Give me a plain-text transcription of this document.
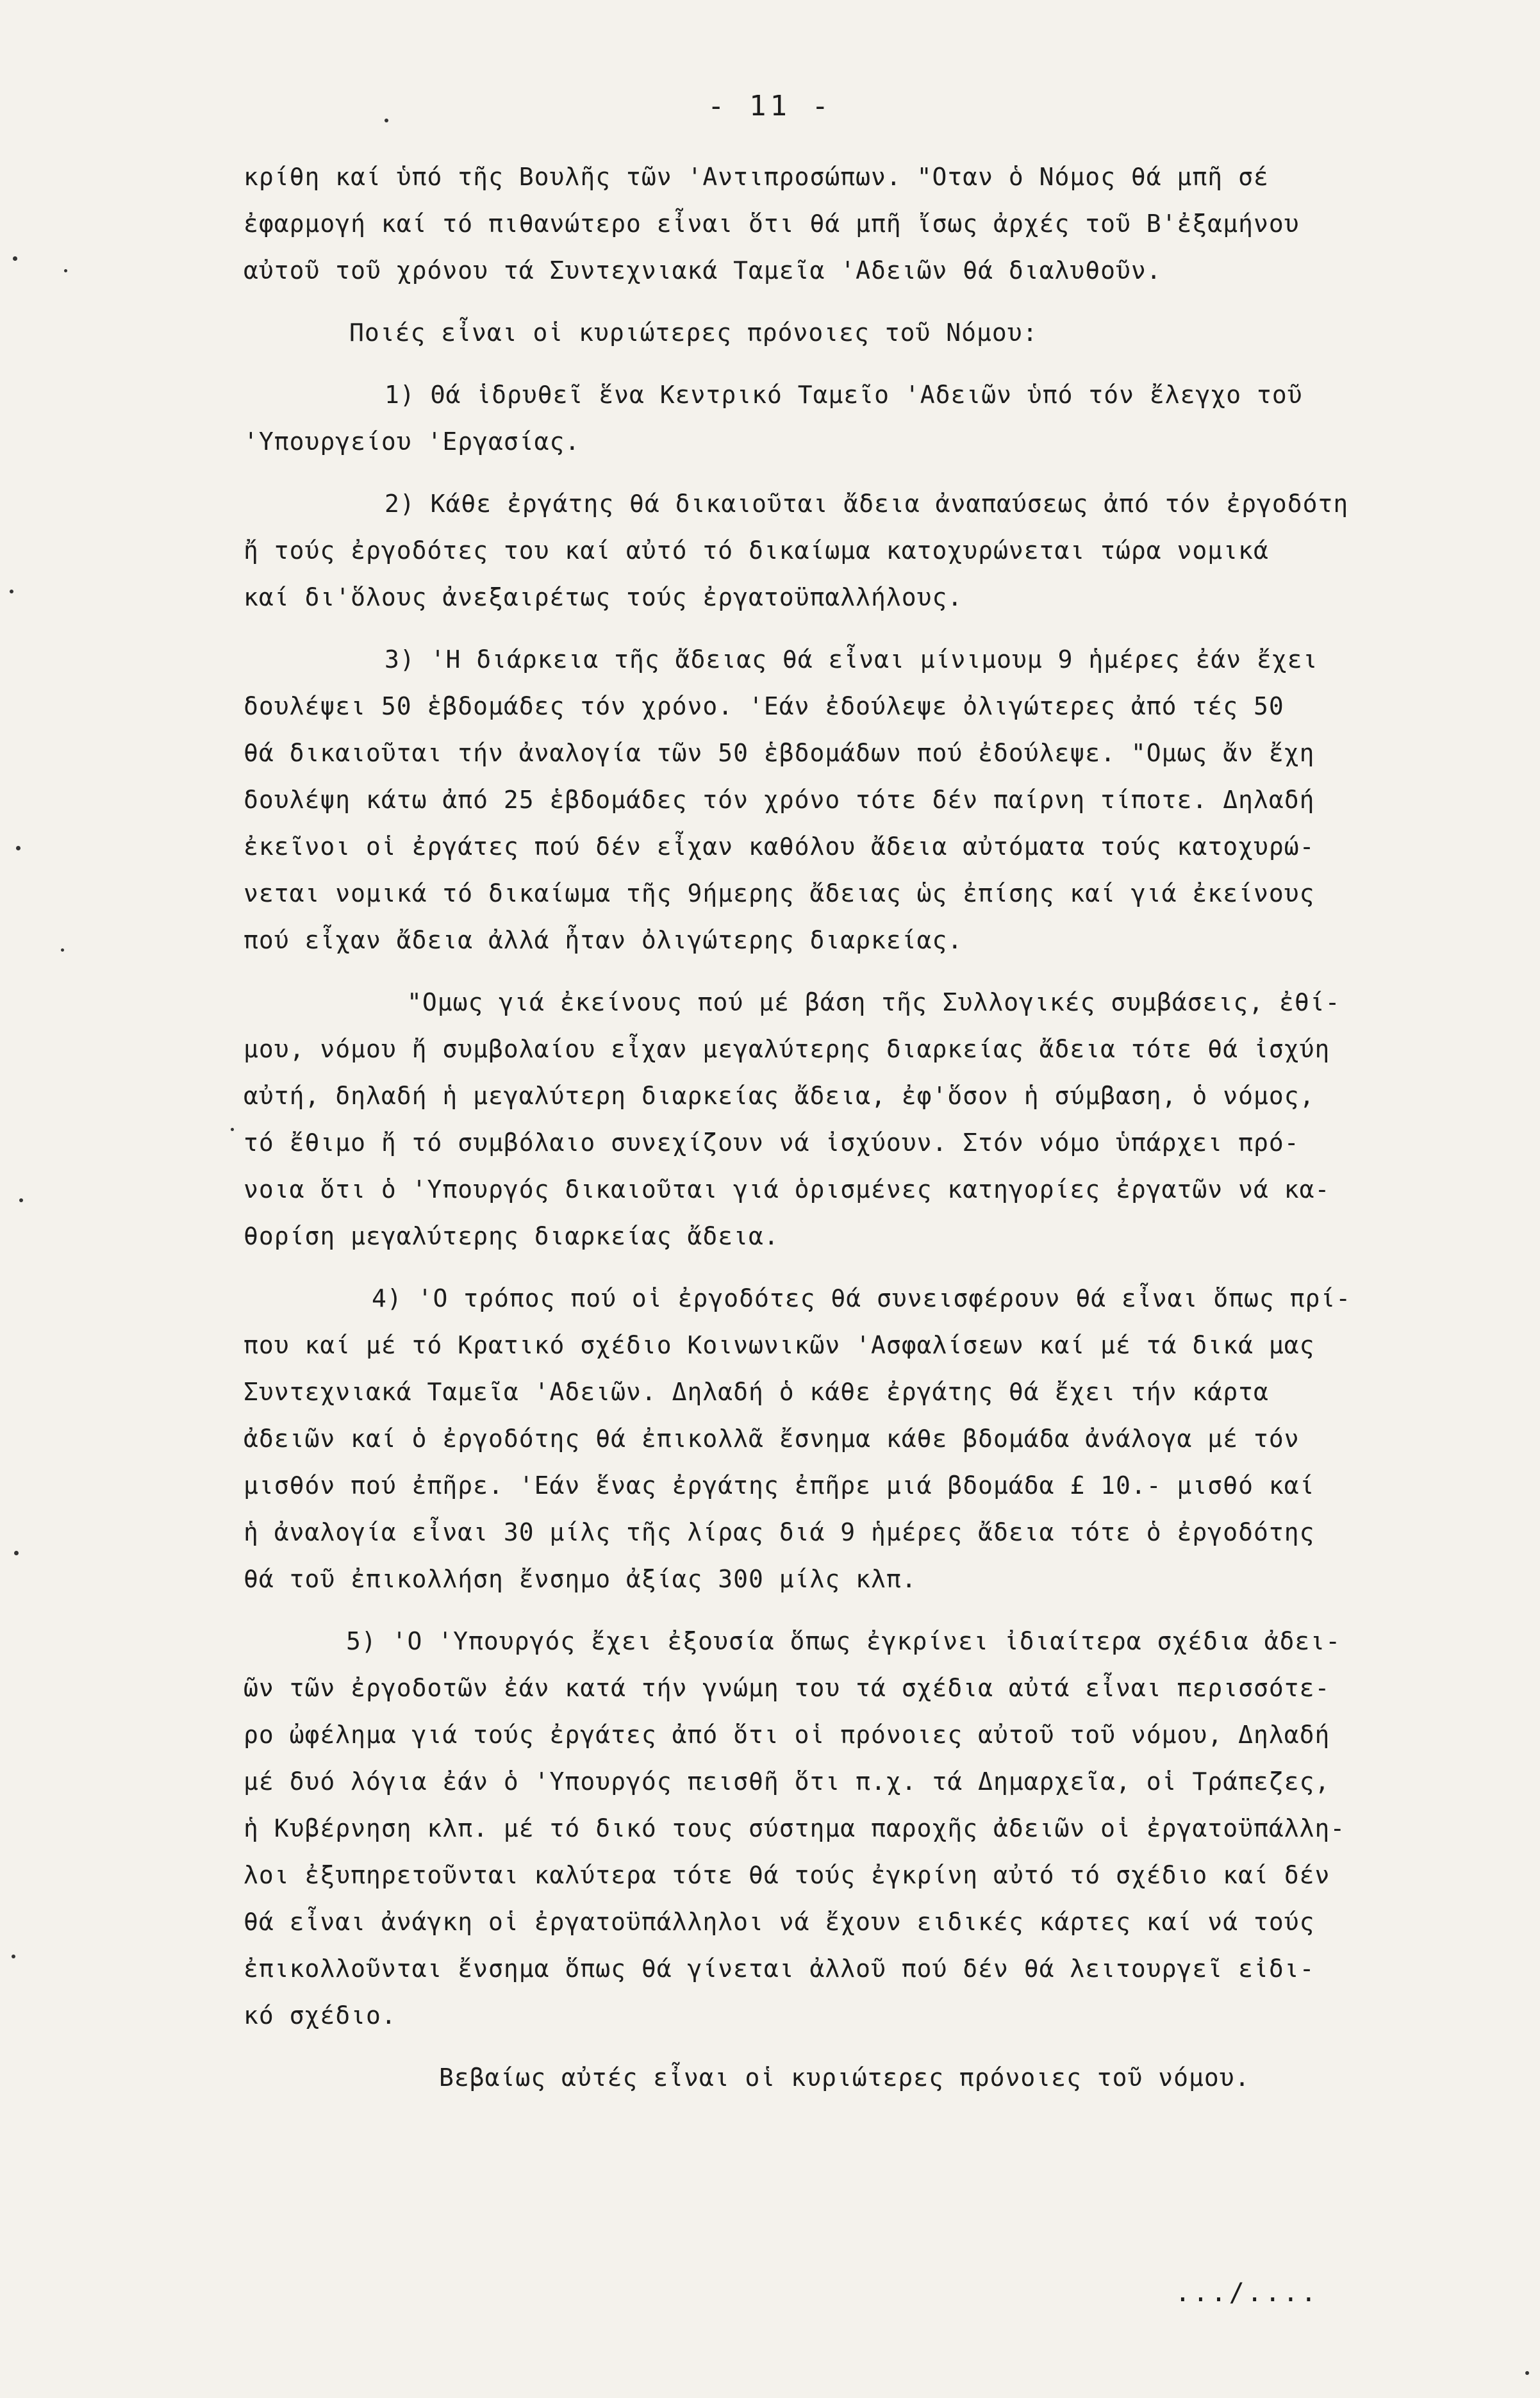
- 11 -
κρίθη καί ὑπό τῆς Βουλῆς τῶν 'Αντιπροσώπων. "Οταν ὁ Νόμος θά μπῆ σέ
ἐφαρμογή καί τό πιθανώτερο εἶναι ὅτι θά μπῆ ἴσως ἀρχές τοῦ Β'ἐξαμήνου
αὐτοῦ τοῦ χρόνου τά Συντεχνιακά Ταμεῖα 'Αδειῶν θά διαλυθοῦν.
Ποιές εἶναι οἱ κυριώτερες πρόνοιες τοῦ Νόμου:
1) Θά ἱδρυθεῖ ἕνα Κεντρικό Ταμεῖο 'Αδειῶν ὑπό τόν ἔλεγχο τοῦ
'Υπουργείου 'Εργασίας.
2) Κάθε ἐργάτης θά δικαιοῦται ἄδεια ἀναπαύσεως ἀπό τόν ἐργοδότη
ἤ τούς ἐργοδότες του καί αὐτό τό δικαίωμα κατοχυρώνεται τώρα νομικά
καί δι'ὅλους ἀνεξαιρέτως τούς ἐργατοϋπαλλήλους.
3) 'Η διάρκεια τῆς ἄδειας θά εἶναι μίνιμουμ 9 ἡμέρες ἐάν ἔχει
δουλέψει 50 ἑβδομάδες τόν χρόνο. 'Εάν ἐδούλεψε ὀλιγώτερες ἀπό τές 50
θά δικαιοῦται τήν ἀναλογία τῶν 50 ἑβδομάδων πού ἐδούλεψε. "Ομως ἄν ἔχη
δουλέψη κάτω ἀπό 25 ἑβδομάδες τόν χρόνο τότε δέν παίρνη τίποτε. Δηλαδή
ἐκεῖνοι οἱ ἐργάτες πού δέν εἶχαν καθόλου ἄδεια αὐτόματα τούς κατοχυρώ-
νεται νομικά τό δικαίωμα τῆς 9ήμερης ἄδειας ὡς ἐπίσης καί γιά ἐκείνους
πού εἶχαν ἄδεια ἀλλά ἦταν ὀλιγώτερης διαρκείας.
"Ομως γιά ἐκείνους πού μέ βάση τῆς Συλλογικές συμβάσεις, ἐθί-
μου, νόμου ἤ συμβολαίου εἶχαν μεγαλύτερης διαρκείας ἄδεια τότε θά ἰσχύη
αὐτή, δηλαδή ἡ μεγαλύτερη διαρκείας ἄδεια, ἐφ'ὅσον ἡ σύμβαση, ὁ νόμος,
τό ἔθιμο ἤ τό συμβόλαιο συνεχίζουν νά ἰσχύουν. Στόν νόμο ὑπάρχει πρό-
νοια ὅτι ὁ 'Υπουργός δικαιοῦται γιά ὁρισμένες κατηγορίες ἐργατῶν νά κα-
θορίση μεγαλύτερης διαρκείας ἄδεια.
4) 'Ο τρόπος πού οἱ ἐργοδότες θά συνεισφέρουν θά εἶναι ὅπως πρί-
που καί μέ τό Κρατικό σχέδιο Κοινωνικῶν 'Ασφαλίσεων καί μέ τά δικά μας
Συντεχνιακά Ταμεῖα 'Αδειῶν. Δηλαδή ὁ κάθε ἐργάτης θά ἔχει τήν κάρτα
ἀδειῶν καί ὁ ἐργοδότης θά ἐπικολλᾶ ἔσνημα κάθε βδομάδα ἀνάλογα μέ τόν
μισθόν πού ἐπῆρε. 'Εάν ἕνας ἐργάτης ἐπῆρε μιά βδομάδα £ 10.- μισθό καί
ἡ ἀναλογία εἶναι 30 μίλς τῆς λίρας διά 9 ἡμέρες ἄδεια τότε ὁ ἐργοδότης
θά τοῦ ἐπικολλήση ἔνσημο ἀξίας 300 μίλς κλπ.
5) 'Ο 'Υπουργός ἔχει ἐξουσία ὅπως ἐγκρίνει ἰδιαίτερα σχέδια ἀδει-
ῶν τῶν ἐργοδοτῶν ἐάν κατά τήν γνώμη του τά σχέδια αὐτά εἶναι περισσότε-
ρο ὠφέλημα γιά τούς ἐργάτες ἀπό ὅτι οἱ πρόνοιες αὐτοῦ τοῦ νόμου, Δηλαδή
μέ δυό λόγια ἐάν ὁ 'Υπουργός πεισθῆ ὅτι π.χ. τά Δημαρχεῖα, οἱ Τράπεζες,
ἡ Κυβέρνηση κλπ. μέ τό δικό τους σύστημα παροχῆς ἀδειῶν οἱ ἐργατοϋπάλλη-
λοι ἐξυπηρετοῦνται καλύτερα τότε θά τούς ἐγκρίνη αὐτό τό σχέδιο καί δέν
θά εἶναι ἀνάγκη οἱ ἐργατοϋπάλληλοι νά ἔχουν ειδικές κάρτες καί νά τούς
ἐπικολλοῦνται ἔνσημα ὅπως θά γίνεται ἀλλοῦ πού δέν θά λειτουργεῖ εἰδι-
κό σχέδιο.
Βεβαίως αὐτές εἶναι οἱ κυριώτερες πρόνοιες τοῦ νόμου.
.../....
